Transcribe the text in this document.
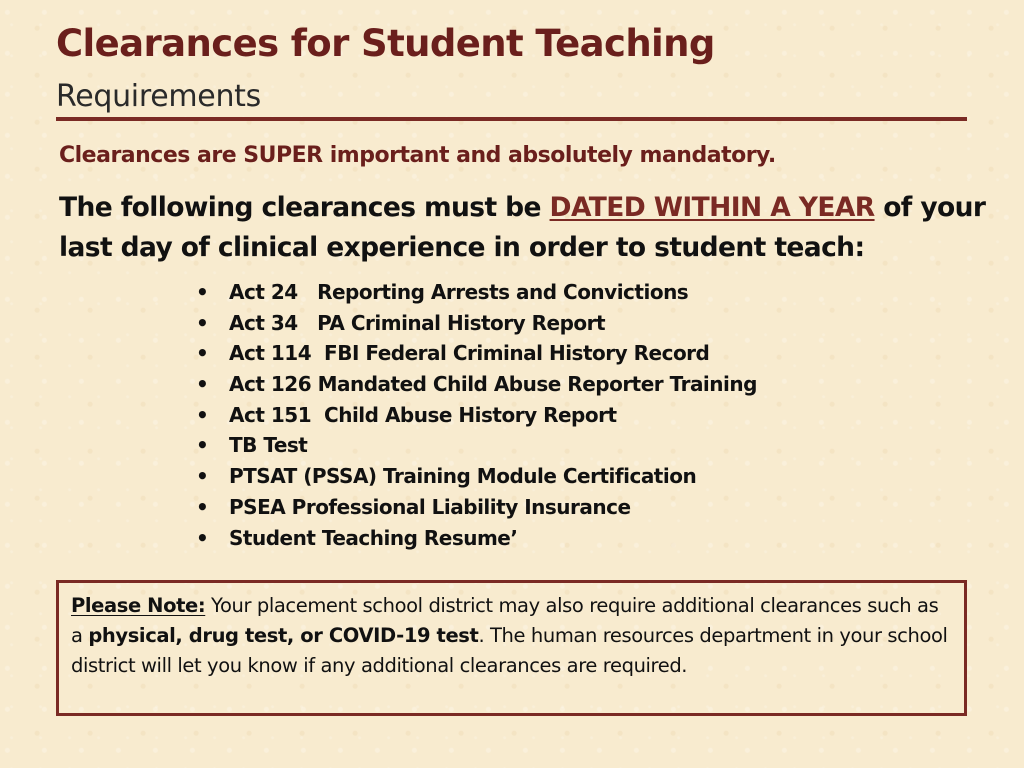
Clearances for Student Teaching
Requirements
Clearances are SUPER important and absolutely mandatory.
The following clearances must be DATED WITHIN A YEAR of your last day of clinical experience in order to student teach:
• Act 24   Reporting Arrests and Convictions
• Act 34   PA Criminal History Report
• Act 114  FBI Federal Criminal History Record
• Act 126 Mandated Child Abuse Reporter Training
• Act 151  Child Abuse History Report
• TB Test
• PTSAT (PSSA) Training Module Certification
• PSEA Professional Liability Insurance
• Student Teaching Resume’
Please Note: Your placement school district may also require additional clearances such as a physical, drug test, or COVID-19 test. The human resources department in your school district will let you know if any additional clearances are required.
